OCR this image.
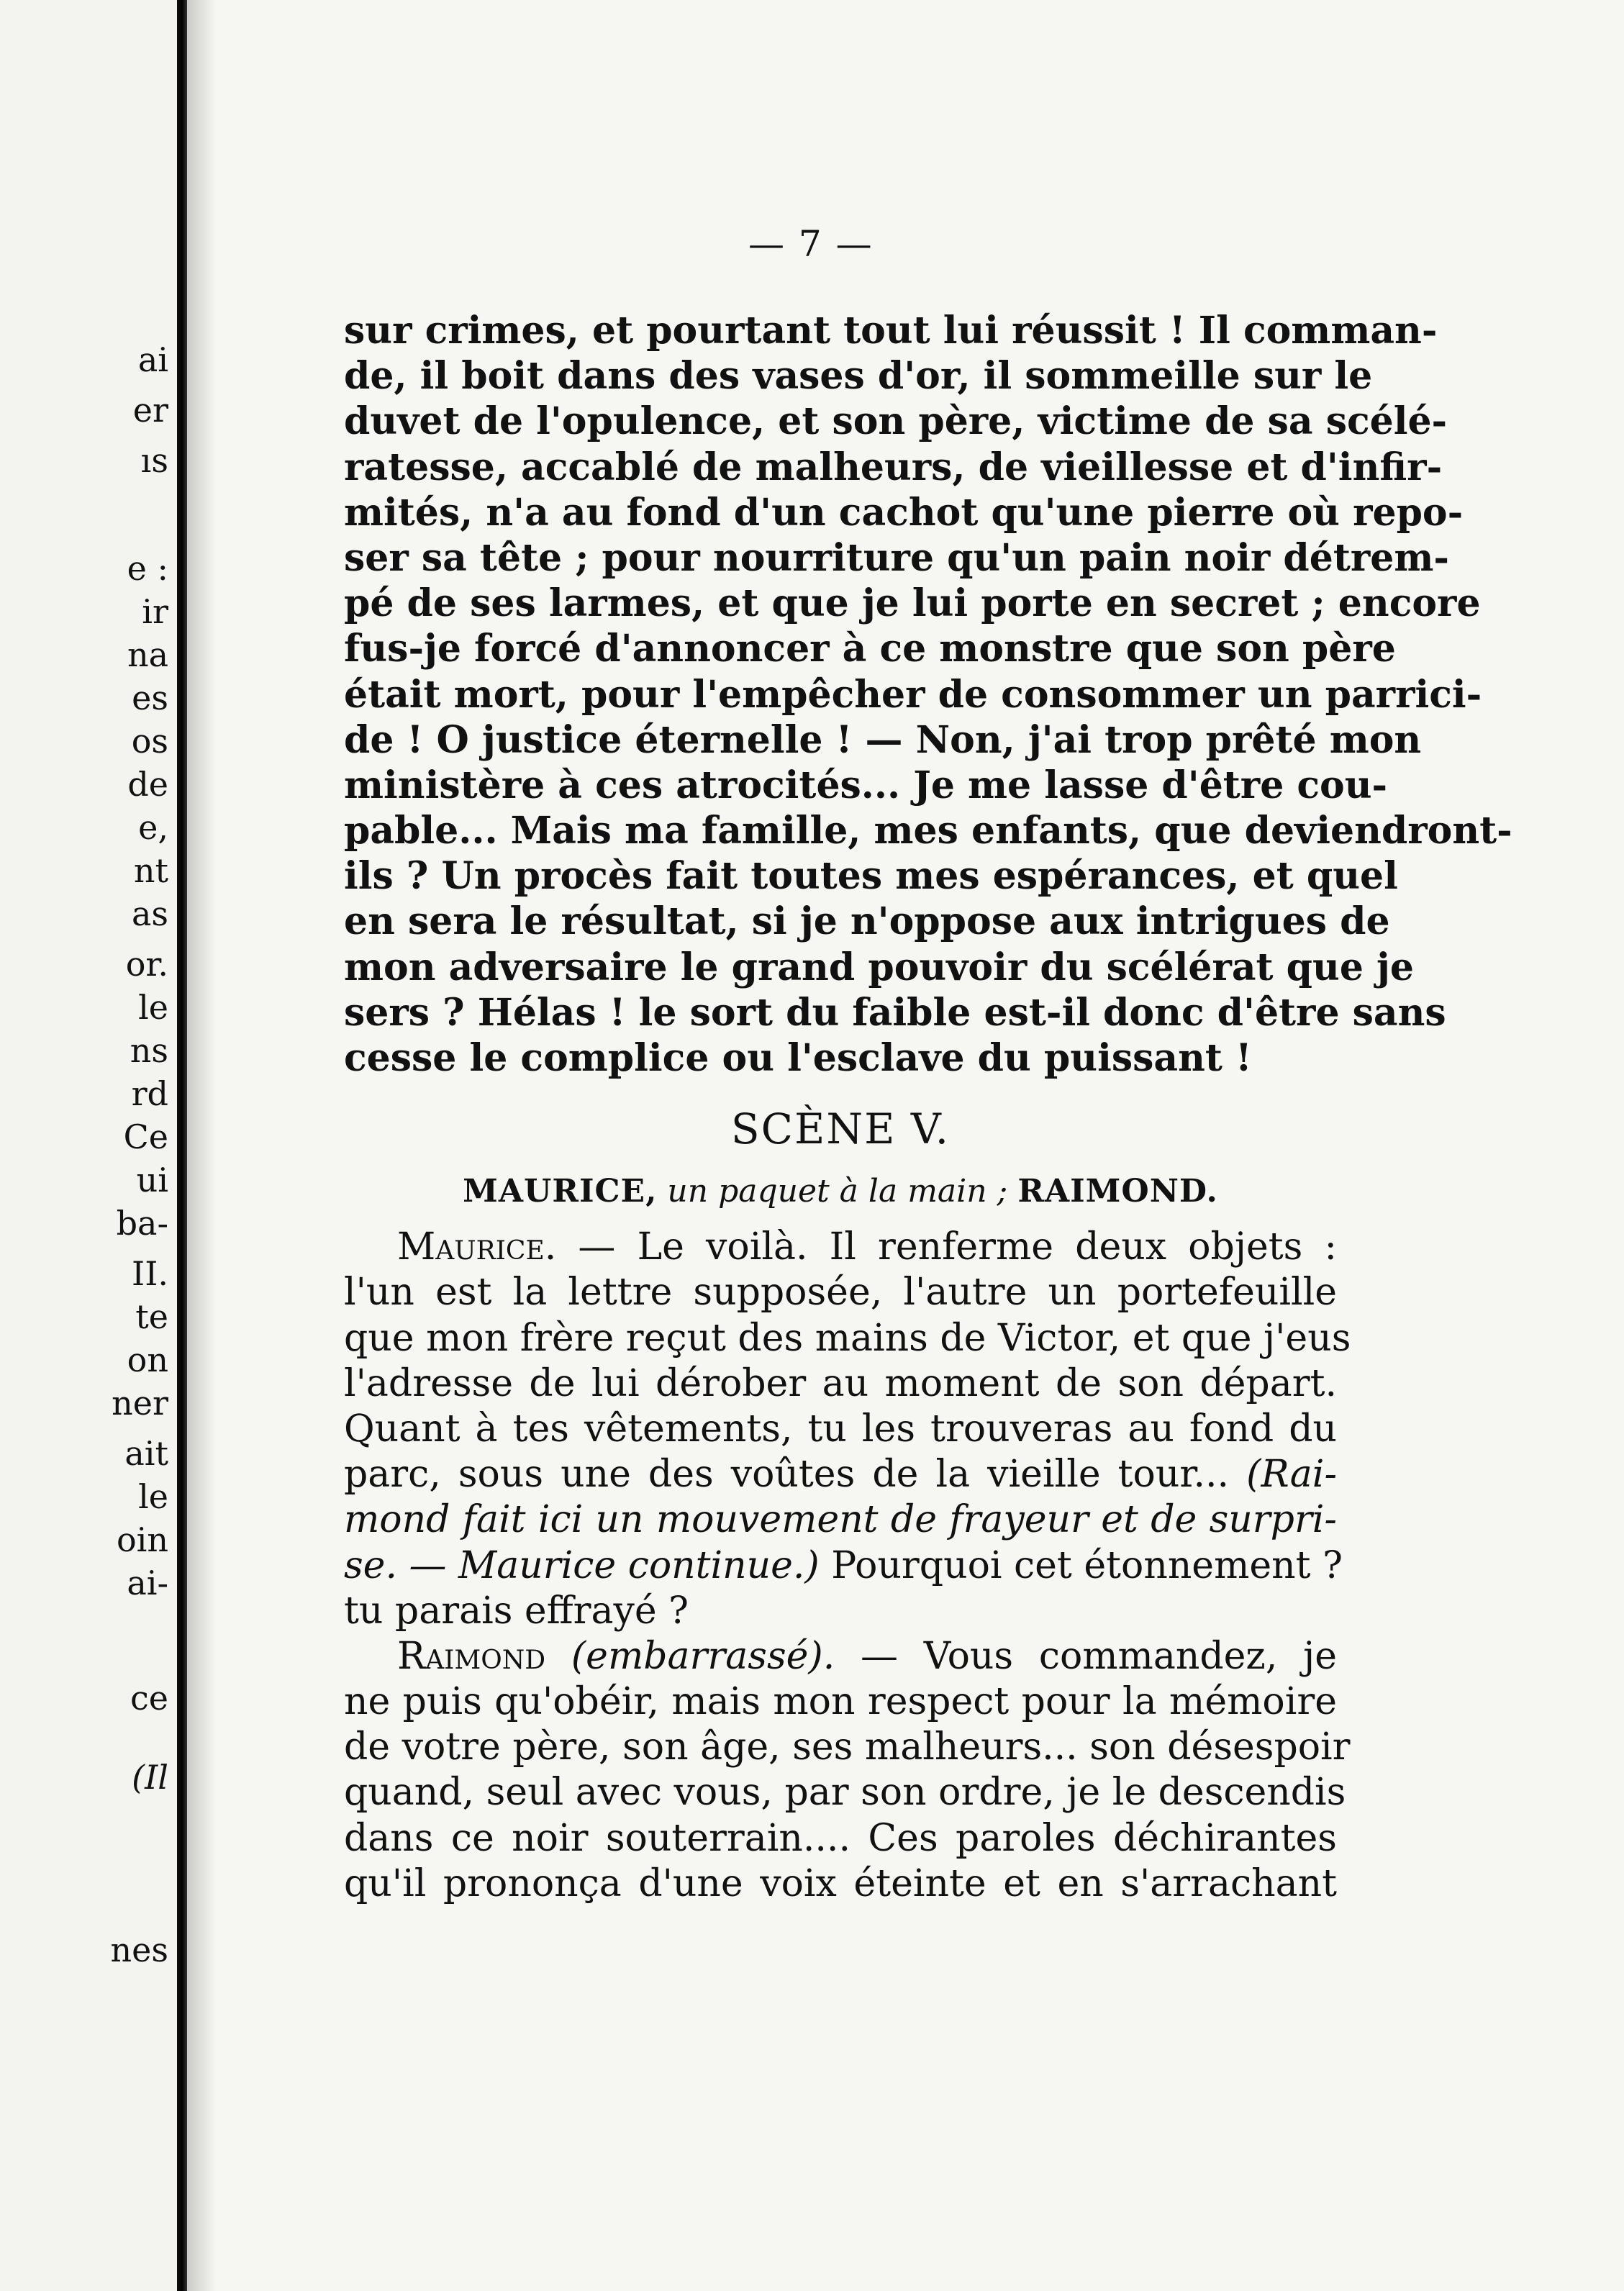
ai
er
ıs
e :
ir
na
es
os
de
e,
nt
as
or.
le
ns
rd
Ce
ui
ba-
II.
te
on
ner
ait
le
oin
ai-
ce
(Il
nes
— 7 —
sur crimes, et pourtant tout lui réussit ! Il comman-
de, il boit dans des vases d'or, il sommeille sur le
duvet de l'opulence, et son père, victime de sa scélé-
ratesse, accablé de malheurs, de vieillesse et d'infir-
mités, n'a au fond d'un cachot qu'une pierre où repo-
ser sa tête ; pour nourriture qu'un pain noir détrem-
pé de ses larmes, et que je lui porte en secret ; encore
fus-je forcé d'annoncer à ce monstre que son père
était mort, pour l'empêcher de consommer un parrici-
de ! O justice éternelle ! — Non, j'ai trop prêté mon
ministère à ces atrocités... Je me lasse d'être cou-
pable... Mais ma famille, mes enfants, que deviendront-
ils ? Un procès fait toutes mes espérances, et quel
en sera le résultat, si je n'oppose aux intrigues de
mon adversaire le grand pouvoir du scélérat que je
sers ? Hélas ! le sort du faible est-il donc d'être sans
cesse le complice ou l'esclave du puissant !
SCÈNE V.
MAURICE, un paquet à la main ; RAIMOND.
Maurice. — Le voilà. Il renferme deux objets :
l'un est la lettre supposée, l'autre un portefeuille
que mon frère reçut des mains de Victor, et que j'eus
l'adresse de lui dérober au moment de son départ.
Quant à tes vêtements, tu les trouveras au fond du
parc, sous une des voûtes de la vieille tour... (Rai-
mond fait ici un mouvement de frayeur et de surpri-
se. — Maurice continue.) Pourquoi cet étonnement ?
tu parais effrayé ?
Raimond (embarrassé). — Vous commandez, je
ne puis qu'obéir, mais mon respect pour la mémoire
de votre père, son âge, ses malheurs... son désespoir
quand, seul avec vous, par son ordre, je le descendis
dans ce noir souterrain.... Ces paroles déchirantes
qu'il prononça d'une voix éteinte et en s'arrachant
